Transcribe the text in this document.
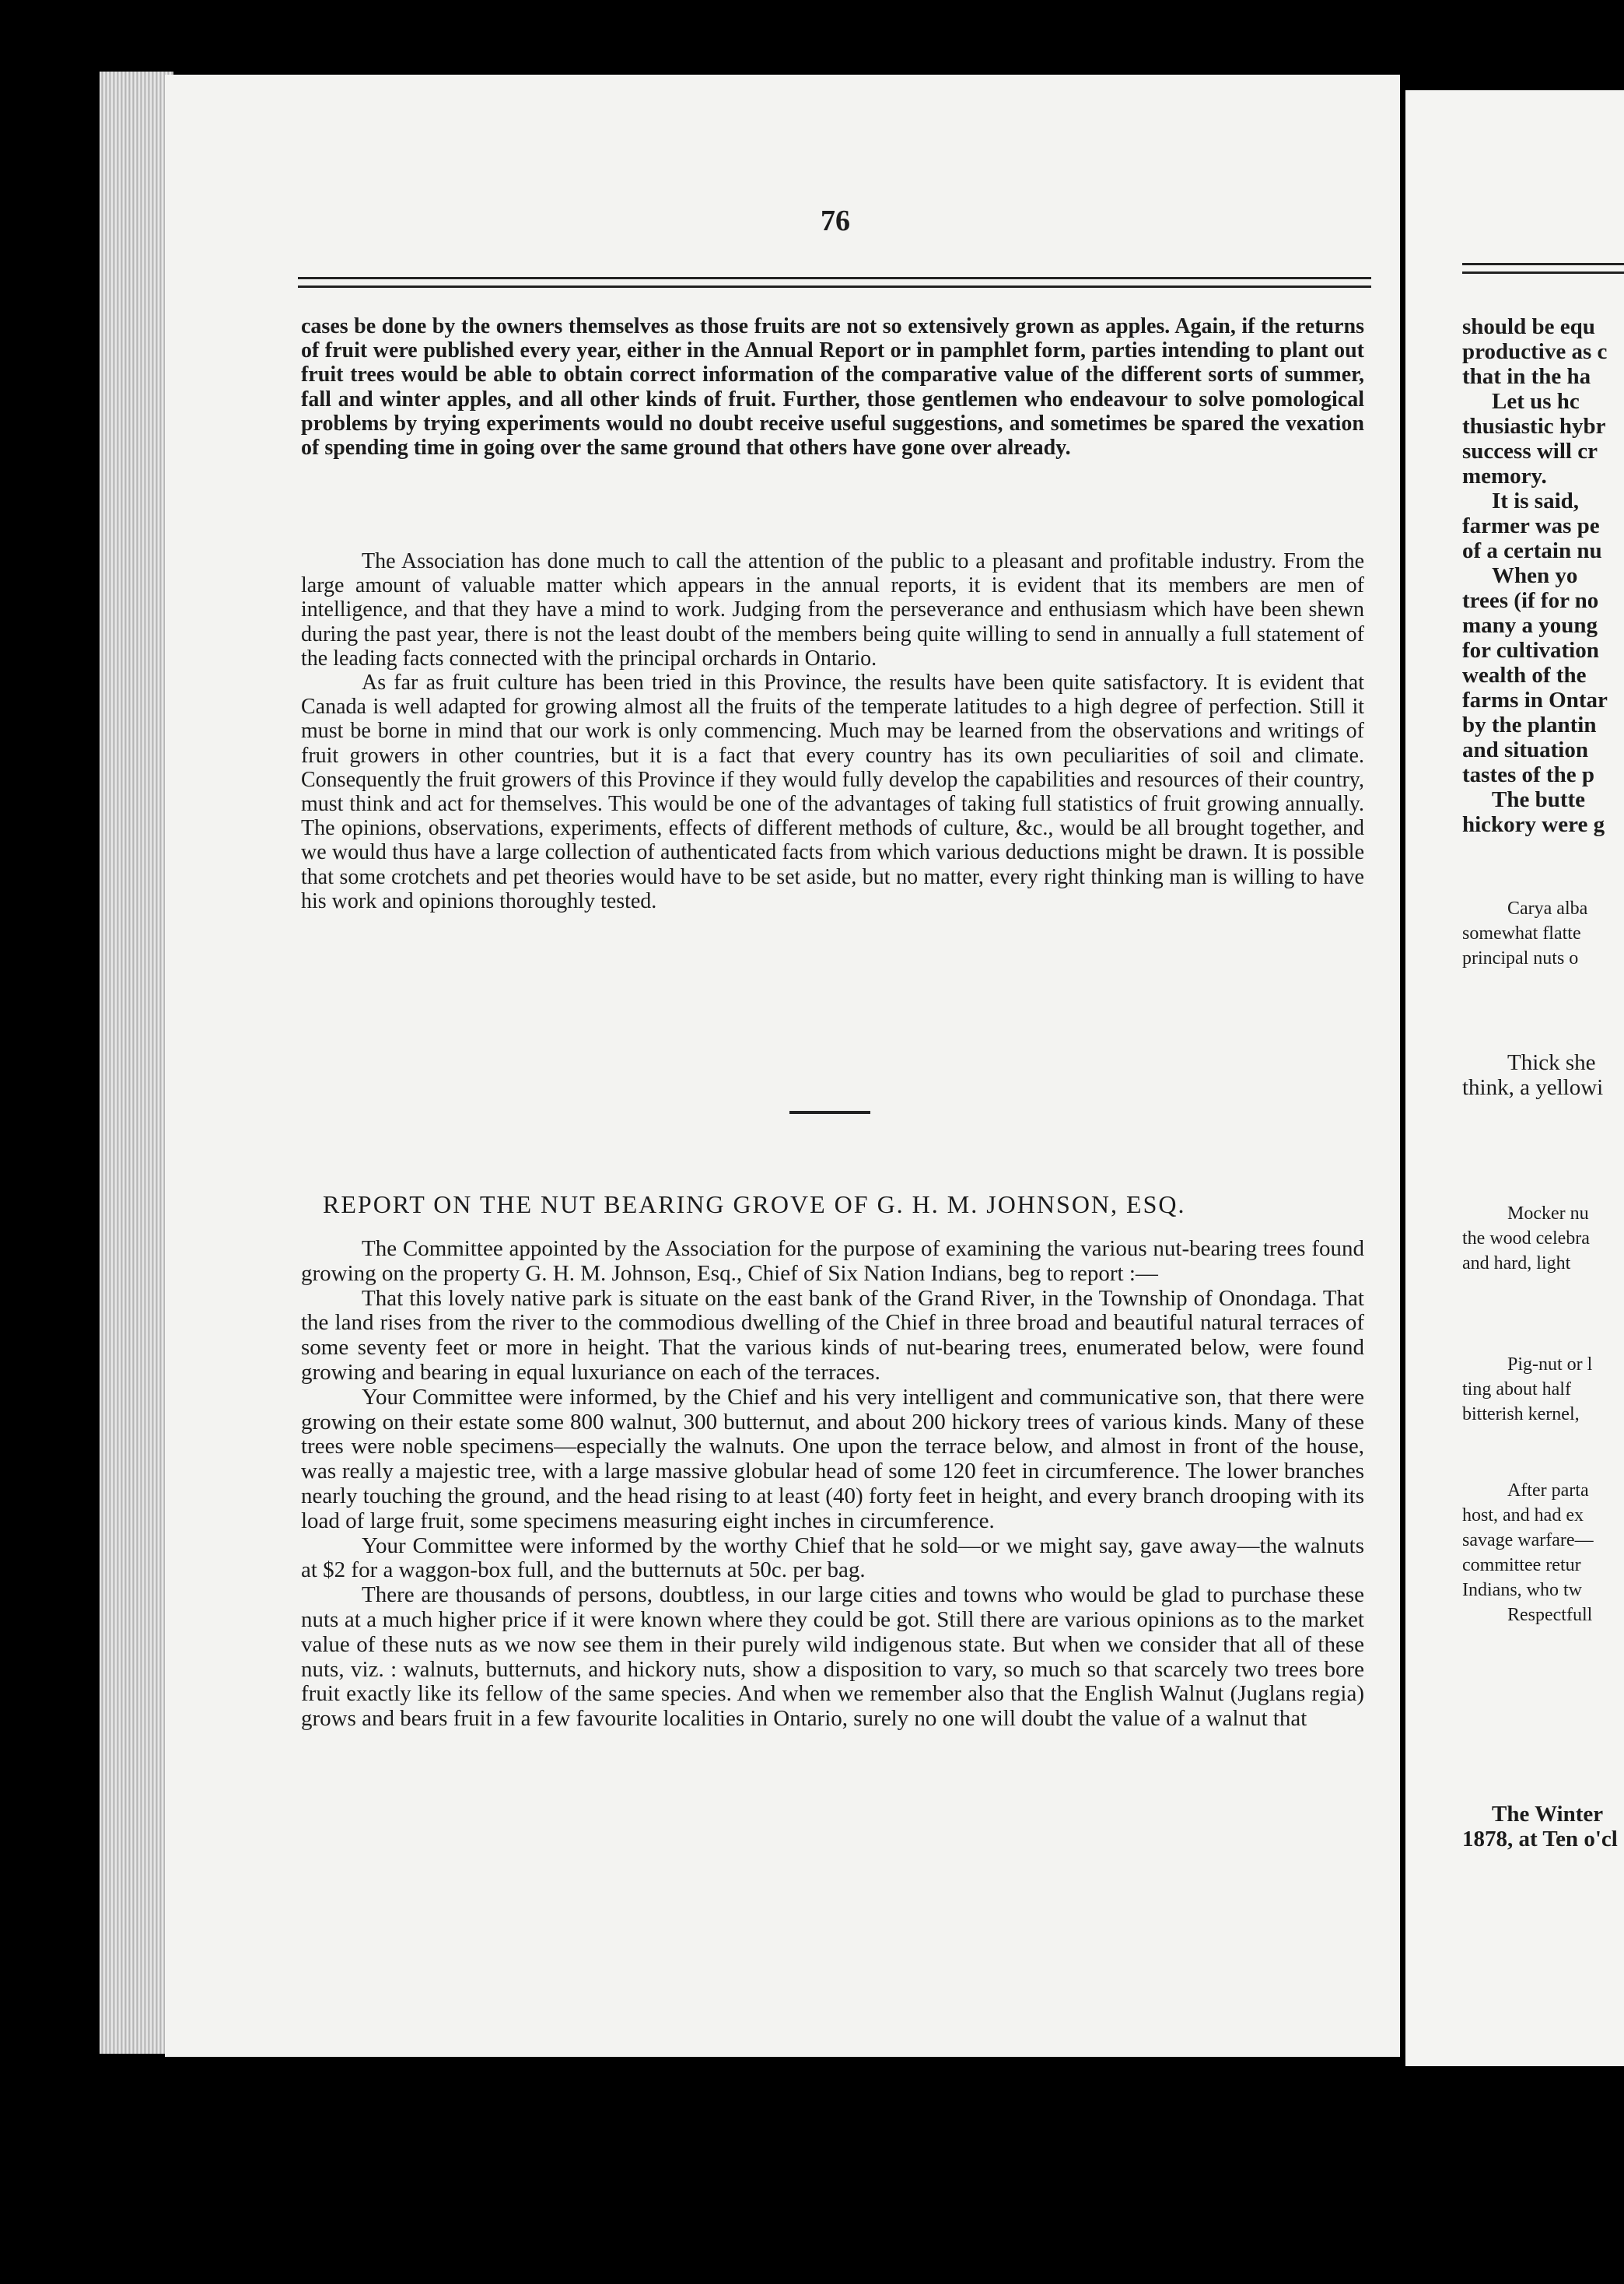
76

cases be done by the owners themselves as those fruits are not so extensively grown as apples. Again, if the returns of fruit were published every year, either in the Annual Report or in pamphlet form, parties intending to plant out fruit trees would be able to obtain correct information of the comparative value of the different sorts of summer, fall and winter apples, and all other kinds of fruit. Further, those gentlemen who endeavour to solve pomological problems by trying experiments would no doubt receive useful suggestions, and sometimes be spared the vexation of spending time in going over the same ground that others have gone over already.

The Association has done much to call the attention of the public to a pleasant and profitable industry. From the large amount of valuable matter which appears in the annual reports, it is evident that its members are men of intelligence, and that they have a mind to work. Judging from the perseverance and enthusiasm which have been shewn during the past year, there is not the least doubt of the members being quite willing to send in annually a full statement of the leading facts connected with the principal orchards in Ontario.

As far as fruit culture has been tried in this Province, the results have been quite satisfactory. It is evident that Canada is well adapted for growing almost all the fruits of the temperate latitudes to a high degree of perfection. Still it must be borne in mind that our work is only commencing. Much may be learned from the observations and writings of fruit growers in other countries, but it is a fact that every country has its own peculiarities of soil and climate. Consequently the fruit growers of this Province if they would fully develop the capabilities and resources of their country, must think and act for themselves. This would be one of the advantages of taking full statistics of fruit growing annually. The opinions, observations, experiments, effects of different methods of culture, &c., would be all brought together, and we would thus have a large collection of authenticated facts from which various deductions might be drawn. It is possible that some crotchets and pet theories would have to be set aside, but no matter, every right thinking man is willing to have his work and opinions thoroughly tested.

REPORT ON THE NUT BEARING GROVE OF G. H. M. JOHNSON, ESQ.

The Committee appointed by the Association for the purpose of examining the various nut-bearing trees found growing on the property G. H. M. Johnson, Esq., Chief of Six Nation Indians, beg to report :—

That this lovely native park is situate on the east bank of the Grand River, in the Township of Onondaga. That the land rises from the river to the commodious dwelling of the Chief in three broad and beautiful natural terraces of some seventy feet or more in height. That the various kinds of nut-bearing trees, enumerated below, were found growing and bearing in equal luxuriance on each of the terraces.

Your Committee were informed, by the Chief and his very intelligent and communicative son, that there were growing on their estate some 800 walnut, 300 butternut, and about 200 hickory trees of various kinds. Many of these trees were noble specimens—especially the walnuts. One upon the terrace below, and almost in front of the house, was really a majestic tree, with a large massive globular head of some 120 feet in circumference. The lower branches nearly touching the ground, and the head rising to at least (40) forty feet in height, and every branch drooping with its load of large fruit, some specimens measuring eight inches in circumference.

Your Committee were informed by the worthy Chief that he sold—or we might say, gave away—the walnuts at $2 for a waggon-box full, and the butternuts at 50c. per bag.

There are thousands of persons, doubtless, in our large cities and towns who would be glad to purchase these nuts at a much higher price if it were known where they could be got. Still there are various opinions as to the market value of these nuts as we now see them in their purely wild indigenous state. But when we consider that all of these nuts, viz. : walnuts, butternuts, and hickory nuts, show a disposition to vary, so much so that scarcely two trees bore fruit exactly like its fellow of the same species. And when we remember also that the English Walnut (Juglans regia) grows and bears fruit in a few favourite localities in Ontario, surely no one will doubt the value of a walnut that

should be equ
productive as c
that in the ha
Let us hc
thusiastic hybr
success will cr
memory.
It is said,
farmer was pe
of a certain nu
When yo
trees (if for no
many a young
for cultivation
wealth of the
farms in Ontar
by the plantin
and situation
tastes of the p
The butte
hickory were g
Carya alba
somewhat flatte
principal nuts o
Thick she
think, a yellowi
Mocker nu
the wood celebra
and hard, light
Pig-nut or l
ting about half
bitterish kernel,
After parta
host, and had ex
savage warfare—
committee retur
Indians, who tw
Respectfull
The Winter
1878, at Ten o'cl
